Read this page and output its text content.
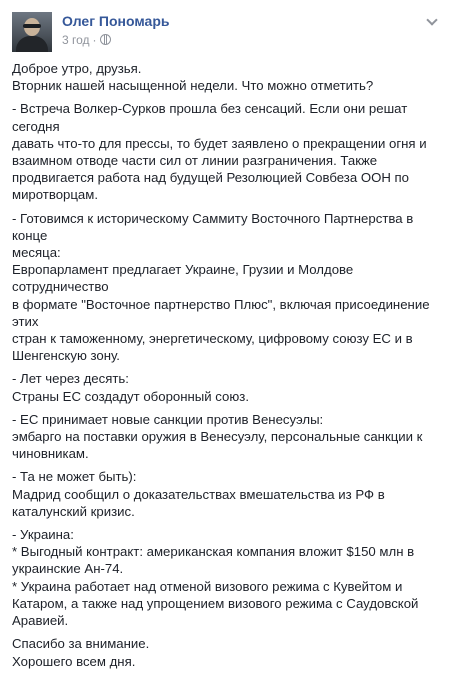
Олег Пономарь
3 год ·

Доброе утро, друзья.
Вторник нашей насыщенной недели. Что можно отметить?

- Встреча Волкер-Сурков прошла без сенсаций. Если они решат сегодня
давать что-то для прессы, то будет заявлено о прекращении огня и
взаимном отводе части сил от линии разграничения. Также
продвигается работа над будущей Резолюцией Совбеза ООН по
миротворцам.

- Готовимся к историческому Саммиту Восточного Партнерства в конце
месяца:
Европарламент предлагает Украине, Грузии и Молдове сотрудничество
в формате "Восточное партнерство Плюс", включая присоединение этих
стран к таможенному, энергетическому, цифровому союзу ЕС и в
Шенгенскую зону.

- Лет через десять:
Страны ЕС создадут оборонный союз.

- ЕС принимает новые санкции против Венесуэлы:
эмбарго на поставки оружия в Венесуэлу, персональные санкции к
чиновникам.

- Та не может быть):
Мадрид сообщил о доказательствах вмешательства из РФ в
каталунский кризис.

- Украина:
* Выгодный контракт: американская компания вложит $150 млн в
украинские Ан-74.
* Украина работает над отменой визового режима с Кувейтом и
Катаром, а также над упрощением визового режима с Саудовской
Аравией.

Спасибо за внимание.
Хорошего всем дня.
